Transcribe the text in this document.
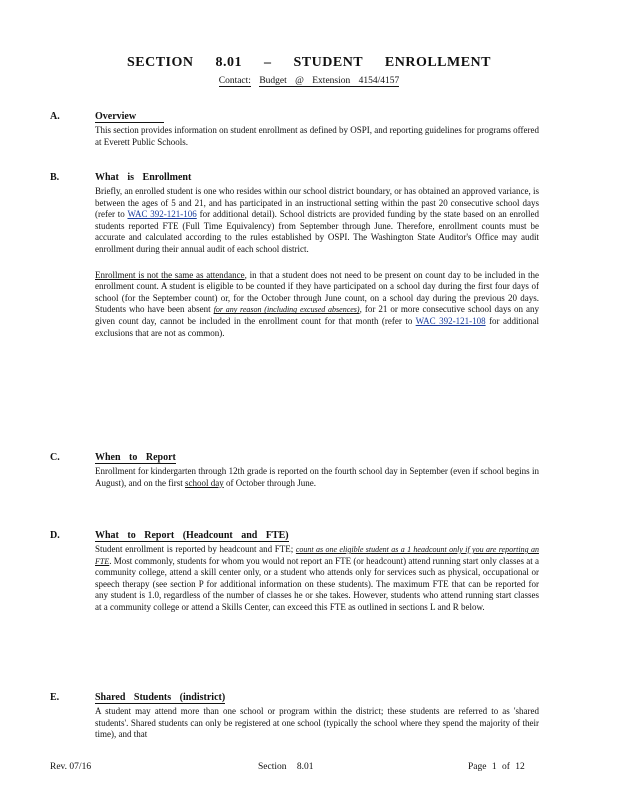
SECTION 8.01 – STUDENT ENROLLMENT
Contact: Budget @ Extension 4154/4157
A.	Overview

This section provides information on student enrollment as defined by OSPI, and reporting guidelines for programs offered at Everett Public Schools.

B.	What is Enrollment

Briefly, an enrolled student is one who resides within our school district boundary, or has obtained an approved variance, is between the ages of 5 and 21, and has participated in an instructional setting within the past 20 consecutive school days (refer to WAC 392-121-106 for additional detail). School districts are provided funding by the state based on an enrolled students reported FTE (Full Time Equivalency) from September through June. Therefore, enrollment counts must be accurate and calculated according to the rules established by OSPI. The Washington State Auditor's Office may audit enrollment during their annual audit of each school district.

Enrollment is not the same as attendance, in that a student does not need to be present on count day to be included in the enrollment count. A student is eligible to be counted if they have participated on a school day during the first four days of school (for the September count) or, for the October through June count, on a school day during the previous 20 days. Students who have been absent for any reason (including excused absences), for 21 or more consecutive school days on any given count day, cannot be included in the enrollment count for that month (refer to WAC 392-121-108 for additional exclusions that are not as common).

C.	When to Report

Enrollment for kindergarten through 12th grade is reported on the fourth school day in September (even if school begins in August), and on the first school day of October through June.

D.	What to Report (Headcount and FTE)

Student enrollment is reported by headcount and FTE; count as one eligible student as a 1 headcount only if you are reporting an FTE. Most commonly, students for whom you would not report an FTE (or headcount) attend running start only classes at a community college, attend a skill center only, or a student who attends only for services such as physical, occupational or speech therapy (see section P for additional information on these students). The maximum FTE that can be reported for any student is 1.0, regardless of the number of classes he or she takes. However, students who attend running start classes at a community college or attend a Skills Center, can exceed this FTE as outlined in sections L and R below.

E.	Shared Students (indistrict)

A student may attend more than one school or program within the district; these students are referred to as 'shared students'. Shared students can only be registered at one school (typically the school where they spend the majority of their time), and that

Rev. 07/16	Section 8.01	Page 1 of 12
